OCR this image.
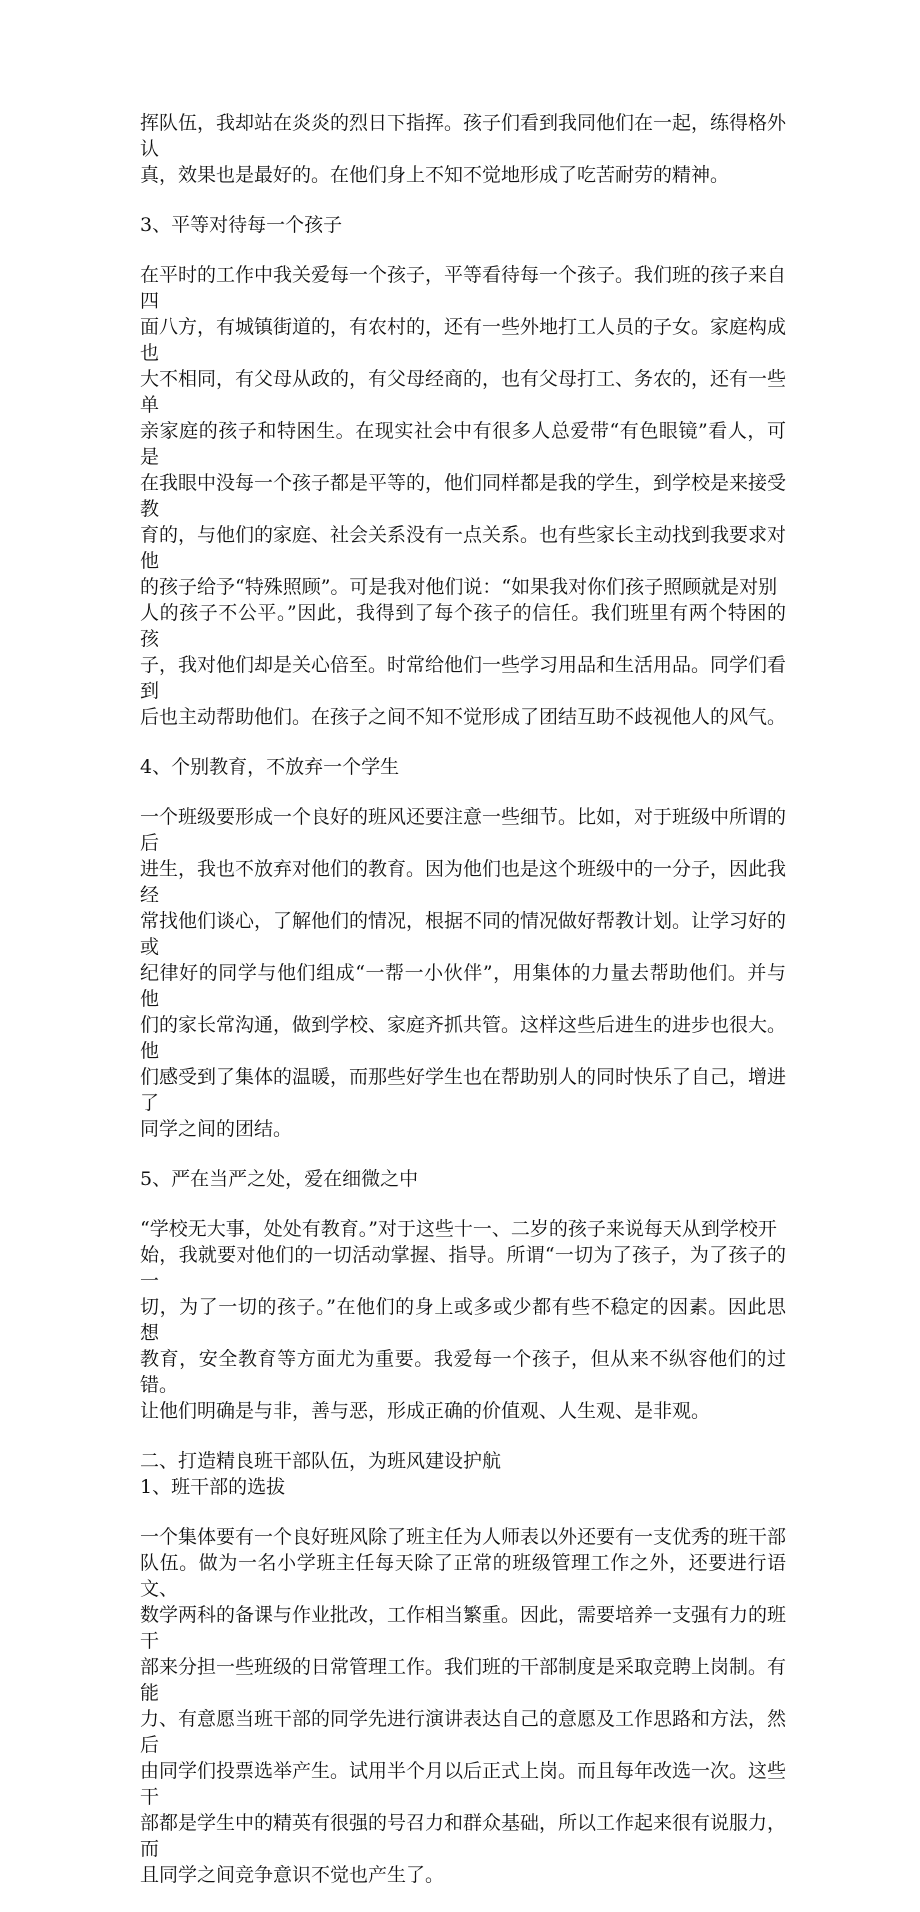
挥队伍，我却站在炎炎的烈日下指挥。孩子们看到我同他们在一起，练得格外认
真，效果也是最好的。在他们身上不知不觉地形成了吃苦耐劳的精神。

3、平等对待每一个孩子

在平时的工作中我关爱每一个孩子，平等看待每一个孩子。我们班的孩子来自四
面八方，有城镇街道的，有农村的，还有一些外地打工人员的子女。家庭构成也
大不相同，有父母从政的，有父母经商的，也有父母打工、务农的，还有一些单
亲家庭的孩子和特困生。在现实社会中有很多人总爱带“有色眼镜”看人，可是
在我眼中没每一个孩子都是平等的，他们同样都是我的学生，到学校是来接受教
育的，与他们的家庭、社会关系没有一点关系。也有些家长主动找到我要求对他
的孩子给予“特殊照顾”。可是我对他们说：“如果我对你们孩子照顾就是对别
人的孩子不公平。”因此，我得到了每个孩子的信任。我们班里有两个特困的孩
子，我对他们却是关心倍至。时常给他们一些学习用品和生活用品。同学们看到
后也主动帮助他们。在孩子之间不知不觉形成了团结互助不歧视他人的风气。

4、个别教育，不放弃一个学生

一个班级要形成一个良好的班风还要注意一些细节。比如，对于班级中所谓的后
进生，我也不放弃对他们的教育。因为他们也是这个班级中的一分子，因此我经
常找他们谈心，了解他们的情况，根据不同的情况做好帮教计划。让学习好的或
纪律好的同学与他们组成“一帮一小伙伴”，用集体的力量去帮助他们。并与他
们的家长常沟通，做到学校、家庭齐抓共管。这样这些后进生的进步也很大。他
们感受到了集体的温暖，而那些好学生也在帮助别人的同时快乐了自己，增进了
同学之间的团结。

5、严在当严之处，爱在细微之中

“学校无大事，处处有教育。”对于这些十一、二岁的孩子来说每天从到学校开
始，我就要对他们的一切活动掌握、指导。所谓“一切为了孩子，为了孩子的一
切，为了一切的孩子。”在他们的身上或多或少都有些不稳定的因素。因此思想
教育，安全教育等方面尤为重要。我爱每一个孩子，但从来不纵容他们的过错。
让他们明确是与非，善与恶，形成正确的价值观、人生观、是非观。

二、打造精良班干部队伍，为班风建设护航

1、班干部的选拔

一个集体要有一个良好班风除了班主任为人师表以外还要有一支优秀的班干部
队伍。做为一名小学班主任每天除了正常的班级管理工作之外，还要进行语文、
数学两科的备课与作业批改，工作相当繁重。因此，需要培养一支强有力的班干
部来分担一些班级的日常管理工作。我们班的干部制度是采取竞聘上岗制。有能
力、有意愿当班干部的同学先进行演讲表达自己的意愿及工作思路和方法，然后
由同学们投票选举产生。试用半个月以后正式上岗。而且每年改选一次。这些干
部都是学生中的精英有很强的号召力和群众基础，所以工作起来很有说服力，而
且同学之间竞争意识不觉也产生了。
